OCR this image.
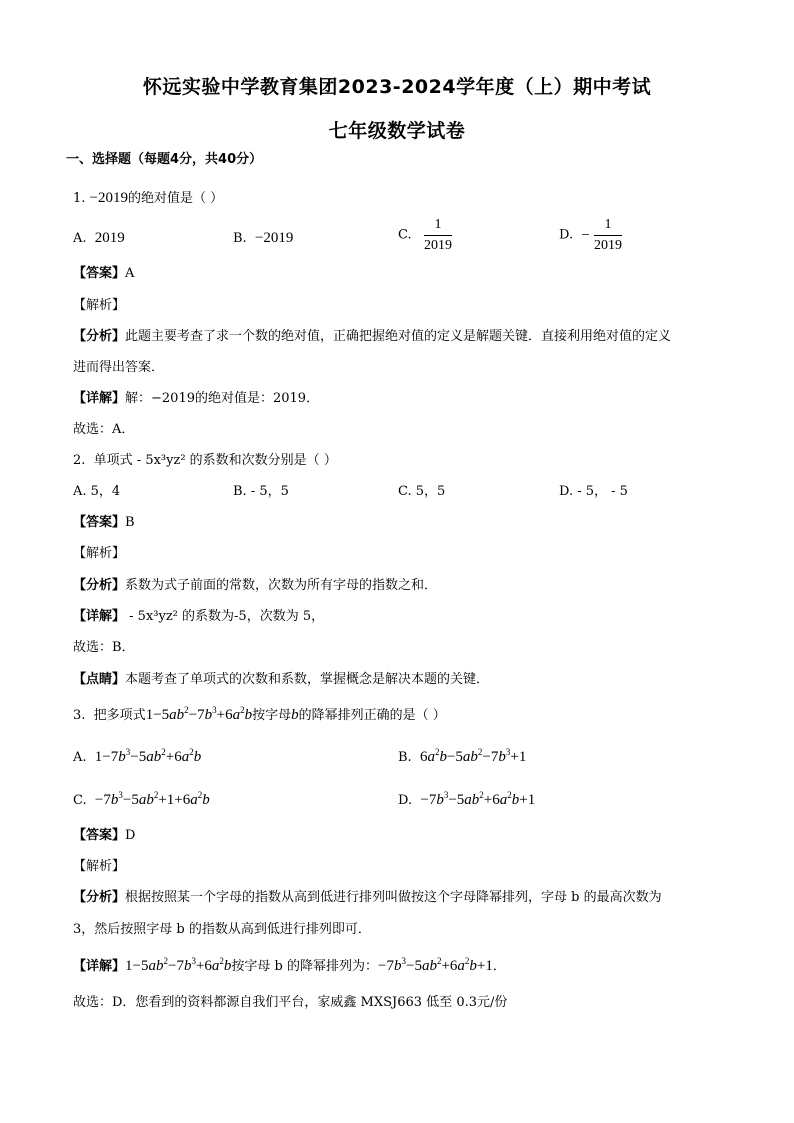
怀远实验中学教育集团2023-2024学年度（上）期中考试
七年级数学试卷
一、选择题（每题4分，共40分）
1. −2019的绝对值是（ ）
A. 2019	B. −2019	C. $\frac{1}{2019}$	D. − $\frac{1}{2019}$
【答案】A
【解析】
【分析】此题主要考查了求一个数的绝对值，正确把握绝对值的定义是解题关键．直接利用绝对值的定义
进而得出答案．
【详解】解：−2019的绝对值是：2019．
故选：A．
2. 单项式 - 5x³yz² 的系数和次数分别是（ ）
A. 5，4	B. - 5，5	C. 5，5	D. - 5， - 5
【答案】B
【解析】
【分析】系数为式子前面的常数，次数为所有字母的指数之和．
【详解】 - 5x³yz² 的系数为-5，次数为 5，
故选：B．
【点睛】本题考查了单项式的次数和系数，掌握概念是解决本题的关键．
3. 把多项式$1-5ab^2-7b^3+6a^2b$按字母b的降幂排列正确的是（ ）
A. $1-7b^3-5ab^2+6a^2b$	B. $6a^2b-5ab^2-7b^3+1$
C. $-7b^3-5ab^2+1+6a^2b$	D. $-7b^3-5ab^2+6a^2b+1$
【答案】D
【解析】
【分析】根据按照某一个字母的指数从高到低进行排列叫做按这个字母降幂排列，字母 b 的最高次数为
3，然后按照字母 b 的指数从高到低进行排列即可．
【详解】$1-5ab^2-7b^3+6a^2b$按字母 b 的降幂排列为：$-7b^3-5ab^2+6a^2b+1$．
故选：D．您看到的资料都源自我们平台，家威鑫 MXSJ663 低至 0.3元/份
